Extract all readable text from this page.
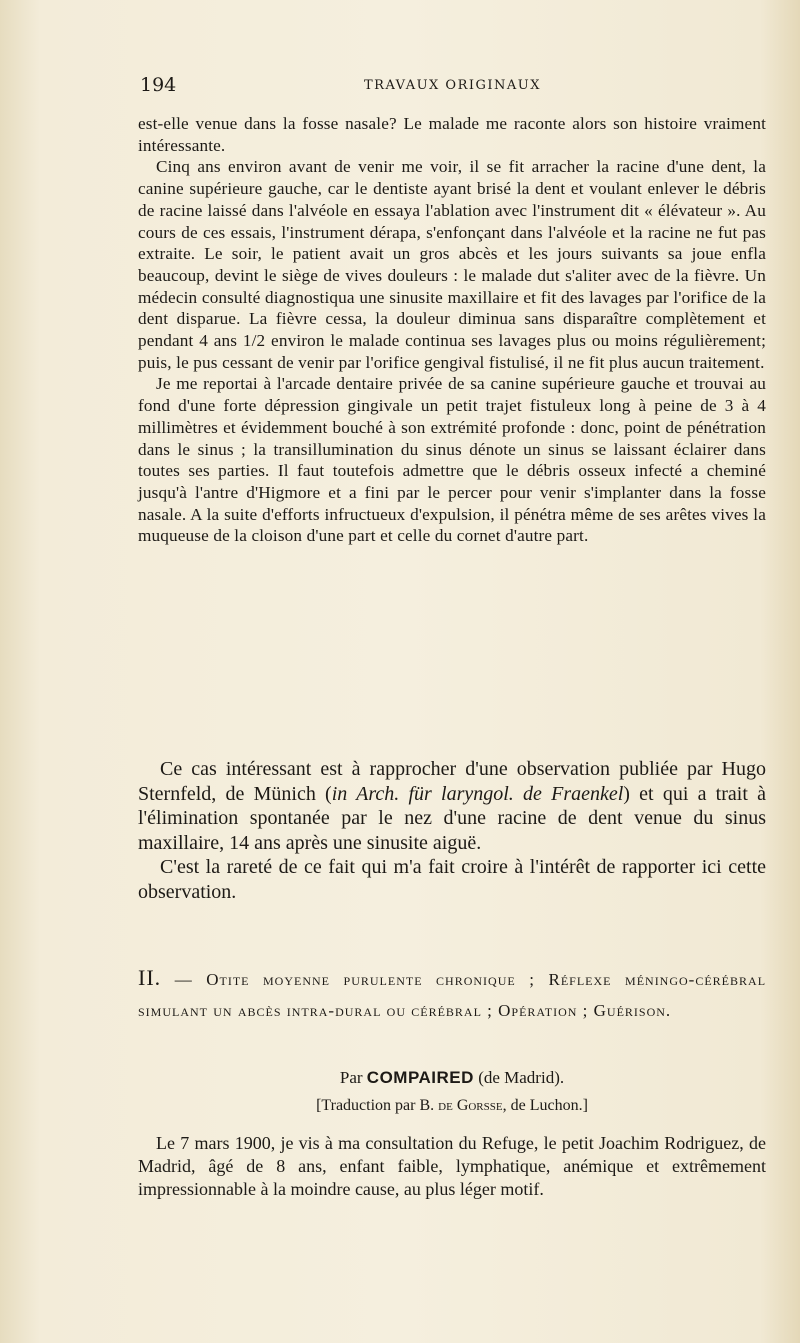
194	TRAVAUX ORIGINAUX

est-elle venue dans la fosse nasale? Le malade me raconte alors son histoire vraiment intéressante.

Cinq ans environ avant de venir me voir, il se fit arracher la racine d'une dent, la canine supérieure gauche, car le dentiste ayant brisé la dent et voulant enlever le débris de racine laissé dans l'alvéole en essaya l'ablation avec l'instrument dit « élévateur ». Au cours de ces essais, l'instrument dérapa, s'enfonçant dans l'alvéole et la racine ne fut pas extraite. Le soir, le patient avait un gros abcès et les jours suivants sa joue enfla beaucoup, devint le siège de vives douleurs : le malade dut s'aliter avec de la fièvre. Un médecin consulté diagnostiqua une sinusite maxillaire et fit des lavages par l'orifice de la dent disparue. La fièvre cessa, la douleur diminua sans disparaître complètement et pendant 4 ans 1/2 environ le malade continua ses lavages plus ou moins régulièrement; puis, le pus cessant de venir par l'orifice gengival fistulisé, il ne fit plus aucun traitement.

Je me reportai à l'arcade dentaire privée de sa canine supérieure gauche et trouvai au fond d'une forte dépression gingivale un petit trajet fistuleux long à peine de 3 à 4 millimètres et évidemment bouché à son extrémité profonde : donc, point de pénétration dans le sinus ; la transillumination du sinus dénote un sinus se laissant éclairer dans toutes ses parties. Il faut toutefois admettre que le débris osseux infecté a cheminé jusqu'à l'antre d'Higmore et a fini par le percer pour venir s'implanter dans la fosse nasale. A la suite d'efforts infructueux d'expulsion, il pénétra même de ses arêtes vives la muqueuse de la cloison d'une part et celle du cornet d'autre part.

Ce cas intéressant est à rapprocher d'une observation publiée par Hugo Sternfeld, de Münich (in Arch. für laryngol. de Fraenkel) et qui a trait à l'élimination spontanée par le nez d'une racine de dent venue du sinus maxillaire, 14 ans après une sinusite aiguë.

C'est la rareté de ce fait qui m'a fait croire à l'intérêt de rapporter ici cette observation.

II. — Otite moyenne purulente chronique ; Réflexe méningo-cérébral simulant un abcès intra-dural ou cérébral ; Opération ; Guérison.
Par COMPAIRED (de Madrid).
[Traduction par B. de Gorsse, de Luchon.]

Le 7 mars 1900, je vis à ma consultation du Refuge, le petit Joachim Rodriguez, de Madrid, âgé de 8 ans, enfant faible, lymphatique, anémique et extrêmement impressionnable à la moindre cause, au plus léger motif.
